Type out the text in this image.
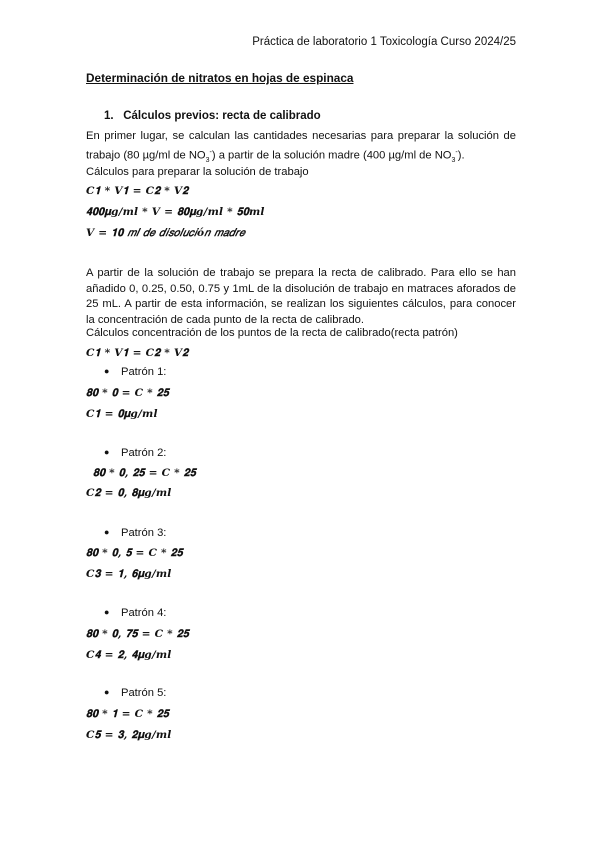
Práctica de laboratorio 1 Toxicología Curso 2024/25
Determinación de nitratos en hojas de espinaca
1. Cálculos previos: recta de calibrado
En primer lugar, se calculan las cantidades necesarias para preparar la solución de trabajo (80 µg/ml de $NO_3^-$) a partir de la solución madre (400 µg/ml de $NO_3^-$).
Cálculos para preparar la solución de trabajo
𝑪𝟏 * 𝑽𝟏 = 𝑪𝟐 * 𝑽𝟐
𝟒𝟎𝟎𝛍𝒈/𝒎𝒍 * 𝑽 = 𝟖𝟎𝛍𝒈/𝒎𝒍 * 𝟓𝟎𝒎𝒍
𝑽 = 𝟏𝟎 𝑚𝑙 𝑑𝑒 𝑑𝑖𝑠𝑜𝑙𝑢𝑐𝑖ó𝑛 𝑚𝑎𝑑𝑟𝑒
A partir de la solución de trabajo se prepara la recta de calibrado. Para ello se han añadido 0, 0.25, 0.50, 0.75 y 1mL de la disolución de trabajo en matraces aforados de 25 mL. A partir de esta información, se realizan los siguientes cálculos, para conocer la concentración de cada punto de la recta de calibrado.
Cálculos concentración de los puntos de la recta de calibrado(recta patrón)
𝑪𝟏 * 𝑽𝟏 = 𝑪𝟐 * 𝑽𝟐
● Patrón 1:
𝟖𝟎 * 𝟎 = 𝑪 * 𝟐𝟓
𝑪𝟏 = 𝟎𝛍𝒈/𝒎𝒍
● Patrón 2:
𝟖𝟎 * 𝟎, 𝟐𝟓 = 𝑪 * 𝟐𝟓
𝑪𝟐 = 𝟎, 𝟖𝛍𝒈/𝒎𝒍
● Patrón 3:
𝟖𝟎 * 𝟎, 𝟓 = 𝑪 * 𝟐𝟓
𝑪𝟑 = 𝟏, 𝟔𝛍𝒈/𝒎𝒍
● Patrón 4:
𝟖𝟎 * 𝟎, 𝟕𝟓 = 𝑪 * 𝟐𝟓
𝑪𝟒 = 𝟐, 𝟒𝛍𝒈/𝒎𝒍
● Patrón 5:
𝟖𝟎 * 𝟏 = 𝑪 * 𝟐𝟓
𝑪𝟓 = 𝟑, 𝟐𝛍𝒈/𝒎𝒍
